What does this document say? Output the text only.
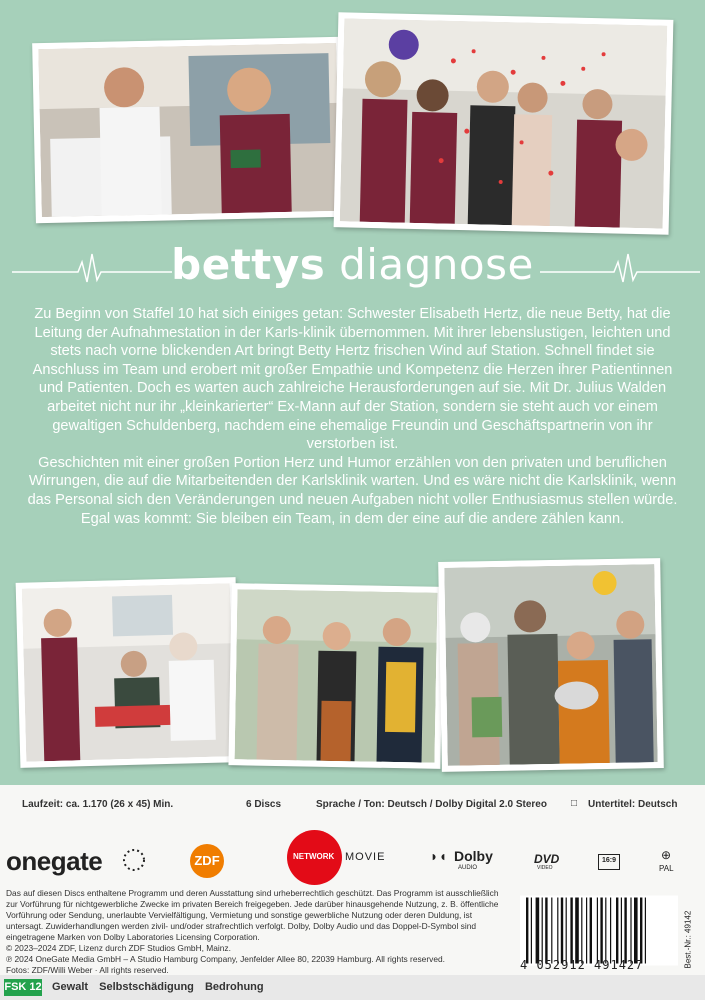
bettys diagnose

Zu Beginn von Staffel 10 hat sich einiges getan: Schwester Elisabeth Hertz, die neue Betty, hat die Leitung der Aufnahmestation in der Karls-klinik übernommen. Mit ihrer lebenslustigen, leichten und stets nach vorne blickenden Art bringt Betty Hertz frischen Wind auf Station. Schnell findet sie Anschluss im Team und erobert mit großer Empathie und Kompetenz die Herzen ihrer Patientinnen und Patienten. Doch es warten auch zahlreiche Herausforderungen auf sie. Mit Dr. Julius Walden arbeitet nicht nur ihr „kleinkarierter“ Ex-Mann auf der Station, sondern sie steht auch vor einem gewaltigen Schuldenberg, nachdem eine ehemalige Freundin und Geschäftspartnerin von ihr verstorben ist.

Geschichten mit einer großen Portion Herz und Humor erzählen von den privaten und beruflichen Wirrungen, die auf die Mitarbeitenden der Karlsklinik warten. Und es wäre nicht die Karlsklinik, wenn das Personal sich den Veränderungen und neuen Aufgaben nicht voller Enthusiasmus stellen würde. Egal was kommt: Sie bleiben ein Team, in dem der eine auf die andere zählen kann.

Laufzeit: ca. 1.170 (26 x 45) Min.	6 Discs	Sprache / Ton: Deutsch / Dolby Digital 2.0 Stereo □ Untertitel: Deutsch
onegate	ZDF	NETWORK MOVIE	◗◖ Dolby
AUDIO
DVD
VIDEO
16:9	⊕
PAL

Das auf diesen Discs enthaltene Programm und deren Ausstattung sind urheberrechtlich geschützt. Das Programm ist ausschließlich zur Vorführung für nichtgewerbliche Zwecke im privaten Bereich freigegeben. Jede darüber hinausgehende Nutzung, z. B. öffentliche Vorführung oder Sendung, unerlaubte Vervielfältigung, Vermietung und sonstige gewerbliche Nutzung oder deren Duldung, ist untersagt. Zuwiderhandlungen werden zivil- und/oder strafrechtlich verfolgt. Dolby, Dolby Audio und das Doppel-D-Symbol sind eingetragene Marken von Dolby Laboratories Licensing Corporation.

© 2023–2024 ZDF, Lizenz durch ZDF Studios GmbH, Mainz.

℗ 2024 OneGate Media GmbH – A Studio Hamburg Company, Jenfelder Allee 80, 22039 Hamburg. All rights reserved.

Fotos: ZDF/Willi Weber · All rights reserved.	4 052912 491427	Best.-Nr.: 49142
FSK 12 Gewalt Selbstschädigung Bedrohung
